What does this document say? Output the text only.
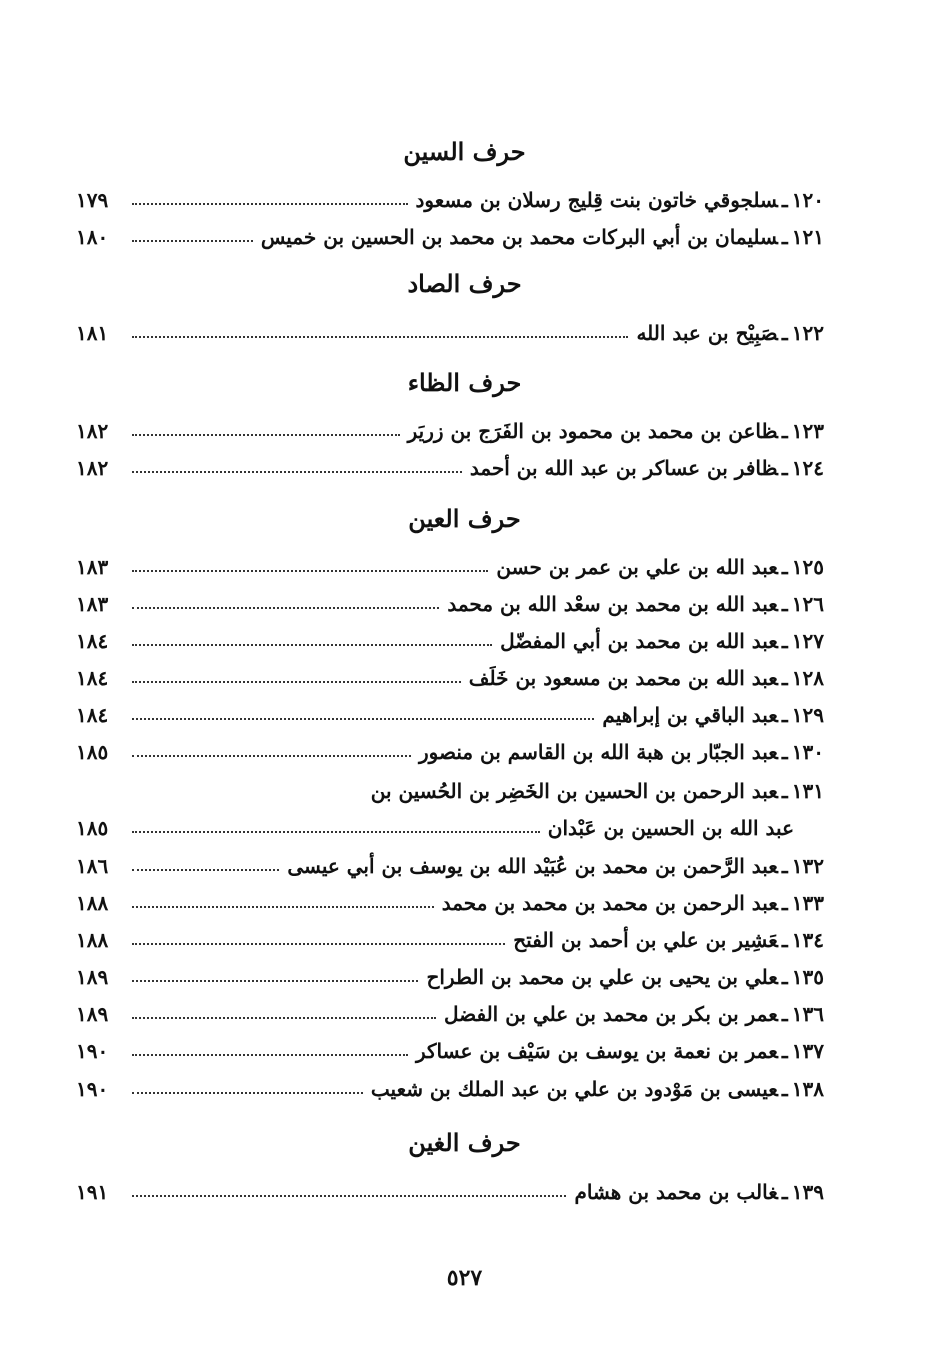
حرف السين
١٢٠ـسلجوقي خاتون بنت قِليج رسلان بن مسعود
١٧٩
١٢١ـسليمان بن أبي البركات محمد بن محمد بن الحسين بن خميس
١٨٠
حرف الصاد
١٢٢ـصَبِيْح بن عبد الله
١٨١
حرف الظاء
١٢٣ـظاعن بن محمد بن محمود بن الفَرَج بن زريَر
١٨٢
١٢٤ـظافر بن عساكر بن عبد الله بن أحمد
١٨٢
حرف العين
١٢٥ـعبد الله بن علي بن عمر بن حسن
١٨٣
١٢٦ـعبد الله بن محمد بن سعْد الله بن محمد
١٨٣
١٢٧ـعبد الله بن محمد بن أبي المفضّل
١٨٤
١٢٨ـعبد الله بن محمد بن مسعود بن خَلَف
١٨٤
١٢٩ـعبد الباقي بن إبراهيم
١٨٤
١٣٠ـعبد الجبّار بن هبة الله بن القاسم بن منصور
١٨٥
١٣١ـعبد الرحمن بن الحسين بن الخَضِر بن الحُسين بن
عبد الله بن الحسين بن عَبْدان
١٨٥
١٣٢ـعبد الرَّحمن بن محمد بن عُبَيْد الله بن يوسف بن أبي عيسى
١٨٦
١٣٣ـعبد الرحمن بن محمد بن محمد بن محمد
١٨٨
١٣٤ـعَشِير بن علي بن أحمد بن الفتح
١٨٨
١٣٥ـعلي بن يحيى بن علي بن محمد بن الطراح
١٨٩
١٣٦ـعمر بن بكر بن محمد بن علي بن الفضل
١٨٩
١٣٧ـعمر بن نعمة بن يوسف بن سَيْف بن عساكر
١٩٠
١٣٨ـعيسى بن مَوْدود بن علي بن عبد الملك بن شعيب
١٩٠
حرف الغين
١٣٩ـغالب بن محمد بن هشام
١٩١
٥٢٧
